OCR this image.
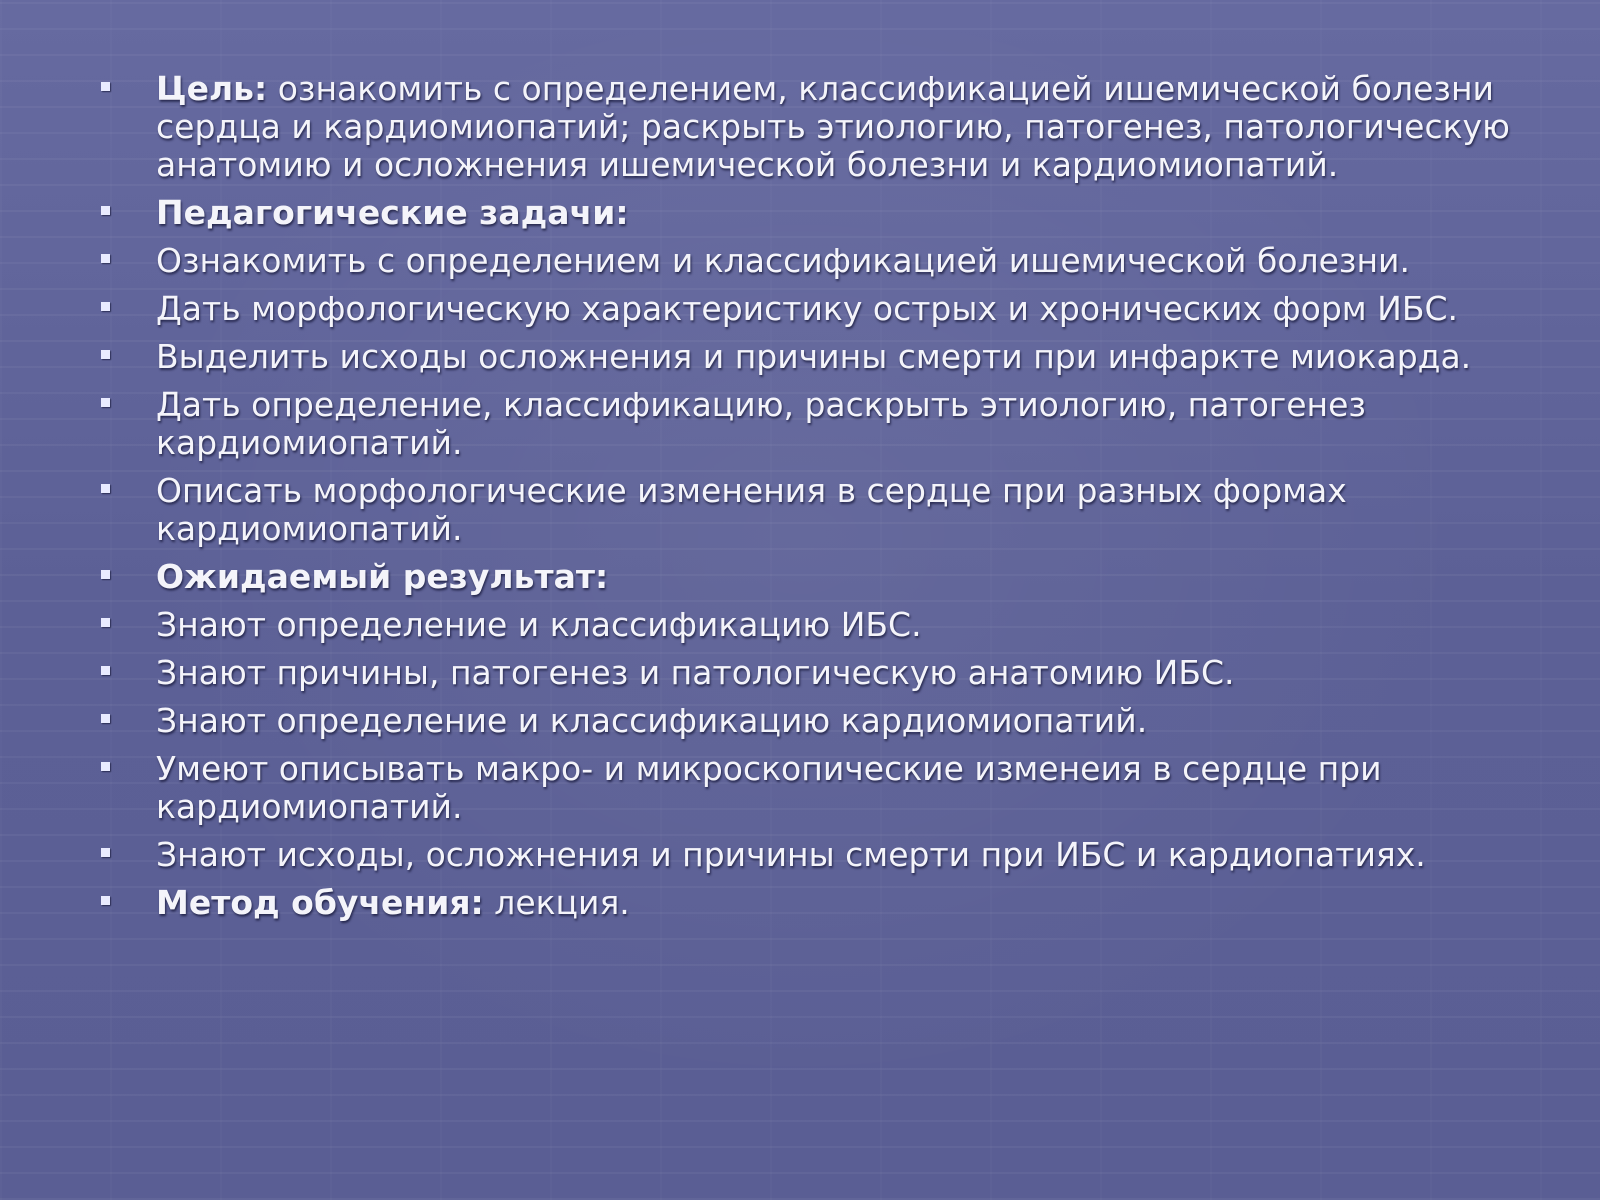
Цель: ознакомить с определением, классификацией ишемической болезни сердца и кардиомиопатий; раскрыть этиологию, патогенез, патологическую анатомию и осложнения ишемической болезни и кардиомиопатий.
Педагогические задачи:
Ознакомить с определением и классификацией ишемической болезни.
Дать морфологическую характеристику острых и хронических форм ИБС.
Выделить исходы осложнения и причины смерти при инфаркте миокарда.
Дать определение, классификацию, раскрыть этиологию, патогенез кардиомиопатий.
Описать морфологические изменения в сердце при разных формах кардиомиопатий.
Ожидаемый результат:
Знают определение и классификацию ИБС.
Знают причины, патогенез и патологическую анатомию ИБС.
Знают определение и классификацию кардиомиопатий.
Умеют описывать макро- и микроскопические изменеия в сердце при кардиомиопатий.
Знают исходы, осложнения и причины смерти при ИБС и кардиопатиях.
Метод обучения: лекция.
